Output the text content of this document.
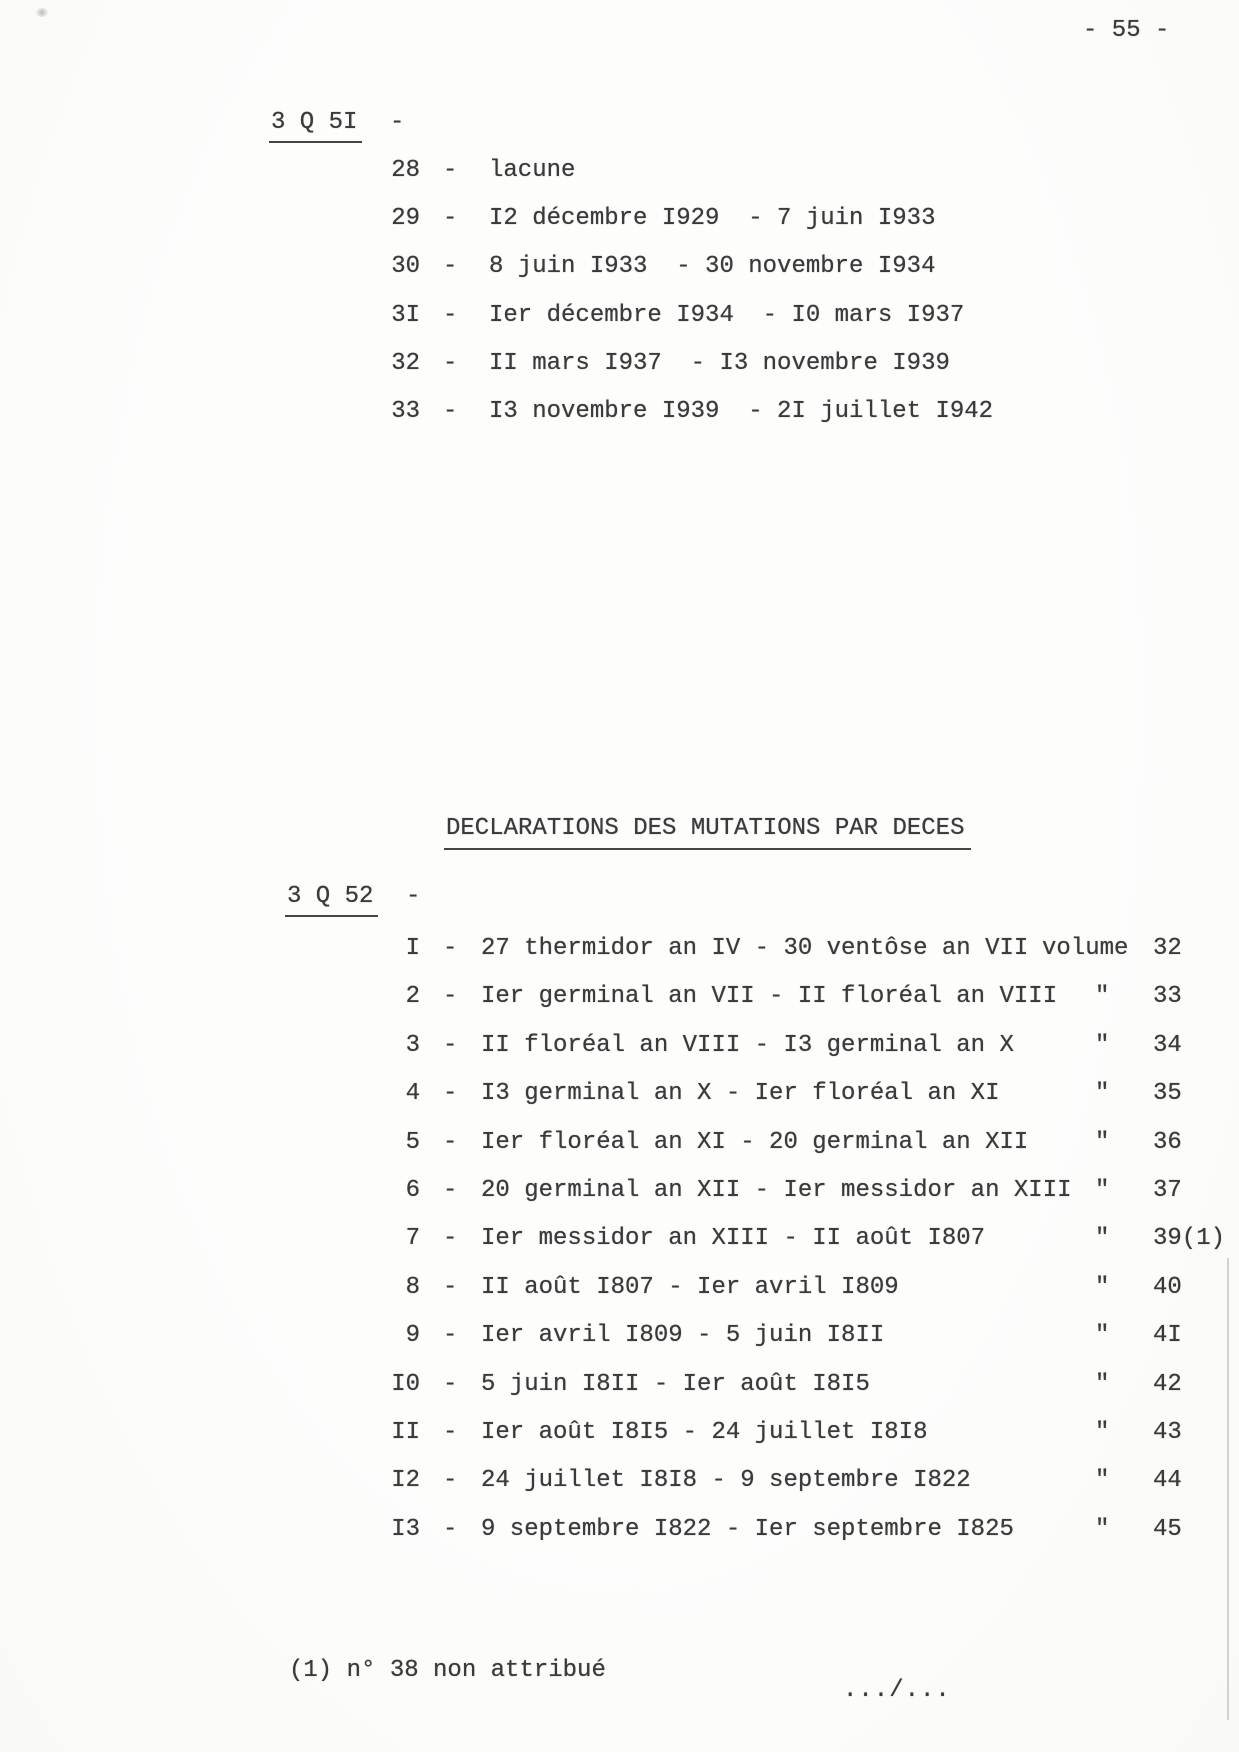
- 55 -
3 Q 5I -
28 - lacune
29 - I2 décembre I929  - 7 juin I933
30 - 8 juin I933  - 30 novembre I934
3I - Ier décembre I934  - I0 mars I937
32 - II mars I937  - I3 novembre I939
33 - I3 novembre I939  - 2I juillet I942
DECLARATIONS DES MUTATIONS PAR DECES
3 Q 52 -
I - 27 thermidor an IV - 30 ventôse an VII volume 32
2 - Ier germinal an VII - II floréal an VIII " 33
3 - II floréal an VIII - I3 germinal an X	" 34
4 - I3 germinal an X - Ier floréal an XI	" 35
5 - Ier floréal an XI - 20 germinal an XII	" 36
6 - 20 germinal an XII - Ier messidor an XIII " 37
7 - Ier messidor an XIII - II août I807	" 39(1)
8 - II août I807 - Ier avril I809	" 40
9 - Ier avril I809 - 5 juin I8II	" 4I
I0 - 5 juin I8II - Ier août I8I5	" 42
II - Ier août I8I5 - 24 juillet I8I8	" 43
I2 - 24 juillet I8I8 - 9 septembre I822	" 44
I3 - 9 septembre I822 - Ier septembre I825	" 45
(1) n° 38 non attribué
.../...
